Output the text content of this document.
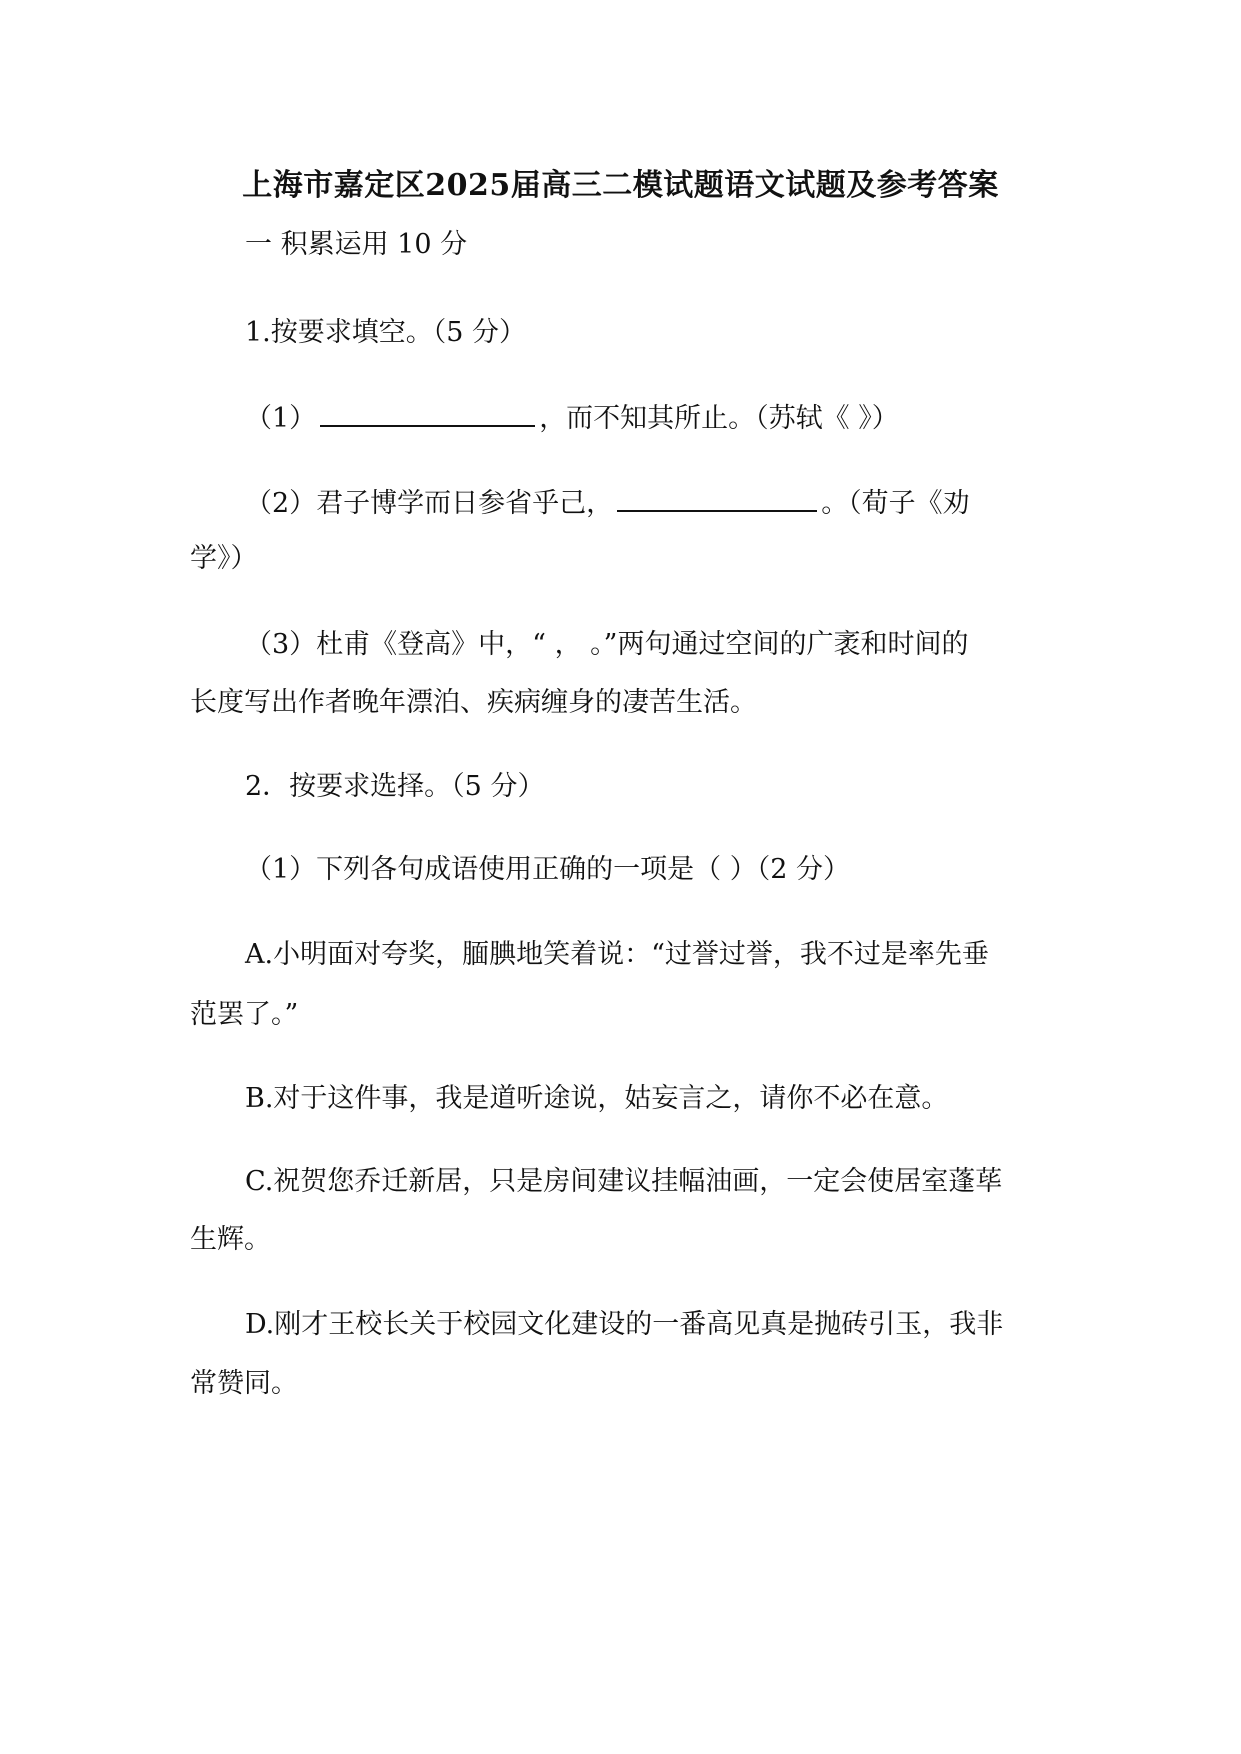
上海市嘉定区2025届高三二模试题语文试题及参考答案
一 积累运用 10 分
1.按要求填空。（5 分）
（1）	，而不知其所止。（苏轼《 》）
（2）君子博学而日参省乎己，	。（荀子《劝
学》）
（3）杜甫《登高》中，“ ， 。”两句通过空间的广袤和时间的
长度写出作者晚年漂泊、疾病缠身的凄苦生活。
2．按要求选择。（5 分）
（1）下列各句成语使用正确的一项是（ ）（2 分）
A.小明面对夸奖，腼腆地笑着说：“过誉过誉，我不过是率先垂
范罢了。”
B.对于这件事，我是道听途说，姑妄言之，请你不必在意。
C.祝贺您乔迁新居，只是房间建议挂幅油画，一定会使居室蓬荜
生辉。
D.刚才王校长关于校园文化建设的一番高见真是抛砖引玉，我非
常赞同。
